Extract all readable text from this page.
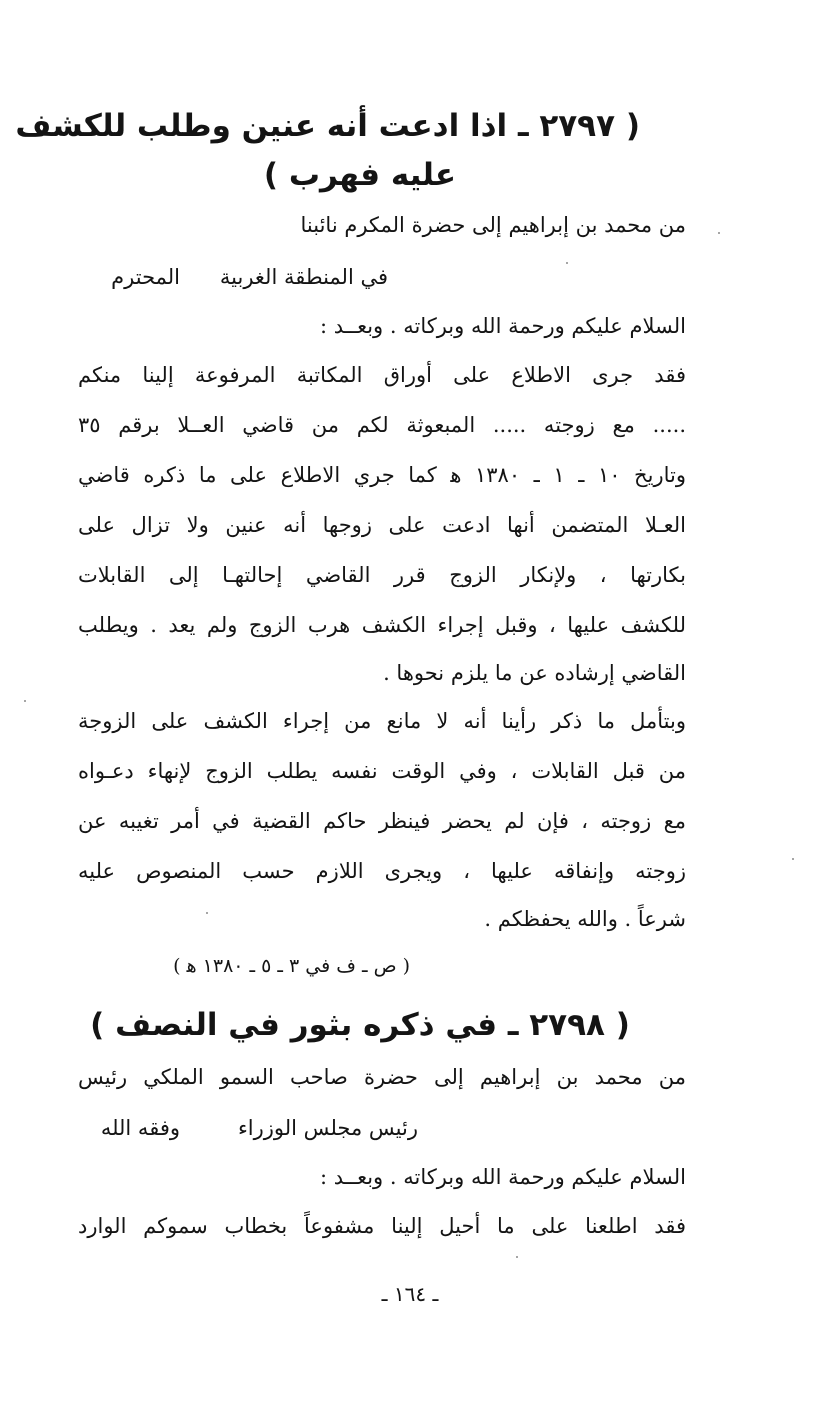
( ٢٧٩٧ ـ اذا ادعت أنه عنين وطلب للكشف
عليه فهرب )
من محمد بن إبراهيم إلى حضرة المكرم نائبنا
في المنطقة الغربية
المحترم
السلام عليكم ورحمة الله وبركاته . وبعــد :
فقد جرى الاطلاع على أوراق المكاتبة المرفوعة إلينا منكم
..... مع زوجته ..... المبعوثة لكم من قاضي العــلا برقم ٣٥
وتاريخ ١٠ ـ ١ ـ ١٣٨٠ ﻫ كما جري الاطلاع على ما ذكره قاضي
العـلا المتضمن أنها ادعت على زوجها أنه عنين ولا تزال على
بكارتها ، ولإنكار الزوج قرر القاضي إحالتهـا إلى القابلات
للكشف عليها ، وقبل إجراء الكشف هرب الزوج ولم يعد . ويطلب
القاضي إرشاده عن ما يلزم نحوها .
وبتأمل ما ذكر رأينا أنه لا مانع من إجراء الكشف على الزوجة
من قبل القابلات ، وفي الوقت نفسه يطلب الزوج لإنهاء دعـواه
مع زوجته ، فإن لم يحضر فينظر حاكم القضية في أمر تغيبه عن
زوجته وإنفاقه عليها ، ويجرى اللازم حسب المنصوص عليه
شرعاً . والله يحفظكم .
( ص ـ ف في ٣ ـ ٥ ـ ١٣٨٠ ﻫ )
( ٢٧٩٨ ـ في ذكره بثور في النصف )
من محمد بن إبراهيم إلى حضرة صاحب السمو الملكي رئيس
رئيس مجلس الوزراء
وفقه الله
السلام عليكم ورحمة الله وبركاته . وبعــد :
فقد اطلعنا على ما أحيل إلينا مشفوعاً بخطاب سموكم الوارد
ـ ١٦٤ ـ
